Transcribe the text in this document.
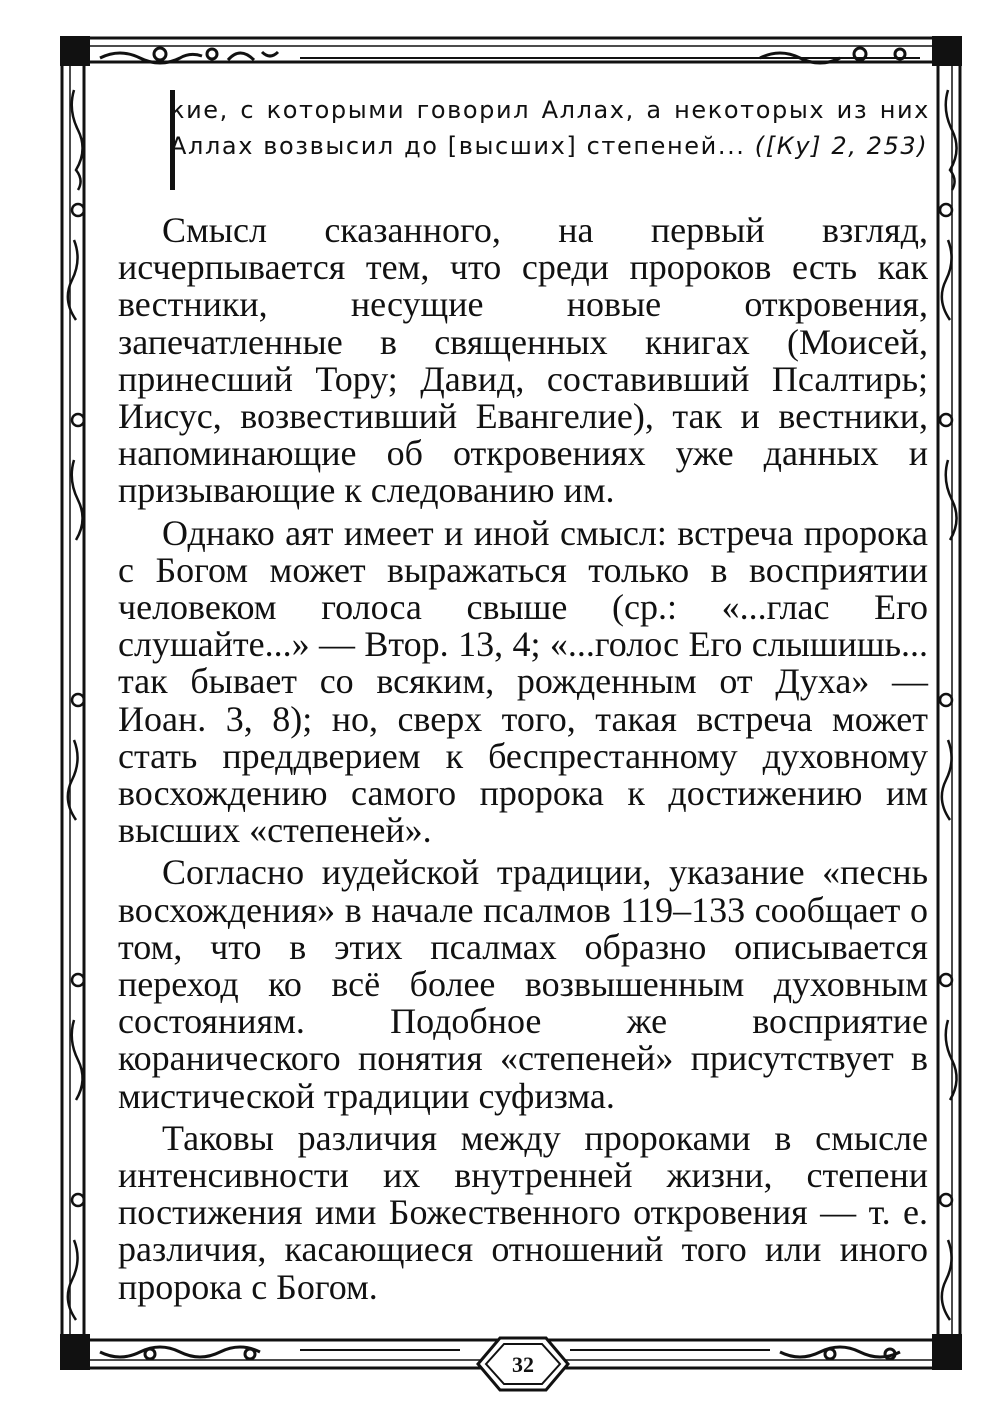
кие, с которыми говорил Аллах, а некоторых из них Аллах возвысил до [высших] степеней... ([Ку] 2, 253)

Смысл сказанного, на первый взгляд, исчерпывается тем, что среди пророков есть как вестники, несущие новые откровения, запечатленные в священных книгах (Моисей, принесший Тору; Давид, составивший Псалтирь; Иисус, возвестивший Евангелие), так и вестники, напоминающие об откровениях уже данных и призывающие к следованию им.

Однако аят имеет и иной смысл: встреча пророка с Богом может выражаться только в восприятии человеком голоса свыше (ср.: «...глас Его слушайте...» — Втор. 13, 4; «...голос Его слышишь... так бывает со всяким, рожденным от Духа» — Иоан. 3, 8); но, сверх того, такая встреча может стать преддверием к беспрестанному духовному восхождению самого пророка к достижению им высших «степеней».

Согласно иудейской традиции, указание «песнь восхождения» в начале псалмов 119–133 сообщает о том, что в этих псалмах образно описывается переход ко всё более возвышенным духовным состояниям. Подобное же восприятие коранического понятия «степеней» присутствует в мистической традиции суфизма.

Таковы различия между пророками в смысле интенсивности их внутренней жизни, степени постижения ими Божественного откровения — т. е. различия, касающиеся отношений того или иного пророка с Богом.

32
